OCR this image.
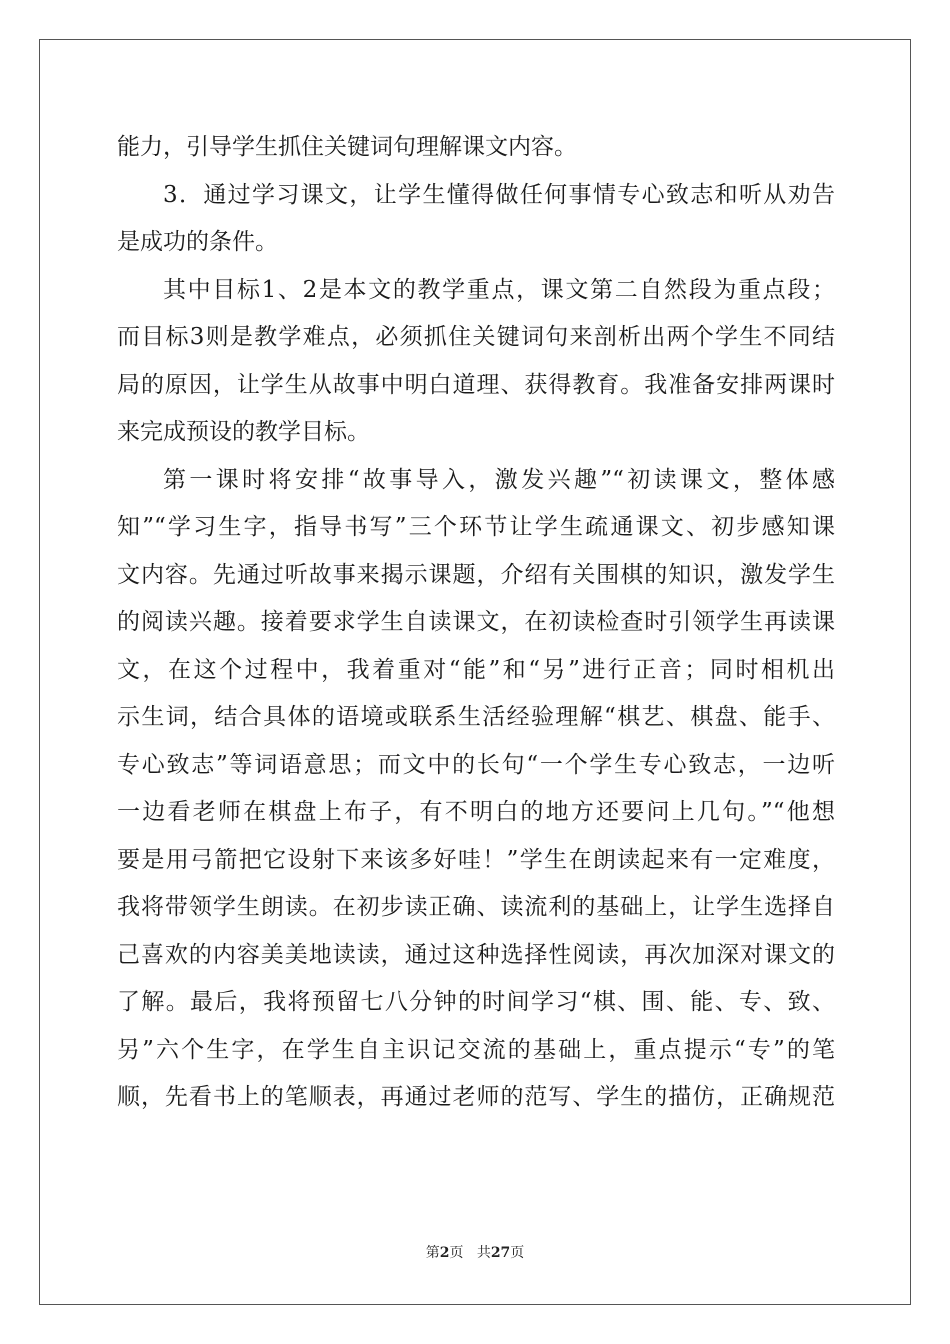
能力，引导学生抓住关键词句理解课文内容。
3．通过学习课文，让学生懂得做任何事情专心致志和听从劝告
是成功的条件。
其中目标1、2是本文的教学重点，课文第二自然段为重点段；
而目标3则是教学难点，必须抓住关键词句来剖析出两个学生不同结
局的原因，让学生从故事中明白道理、获得教育。我准备安排两课时
来完成预设的教学目标。
第一课时将安排“故事导入，激发兴趣”“初读课文，整体感
知”“学习生字，指导书写”三个环节让学生疏通课文、初步感知课
文内容。先通过听故事来揭示课题，介绍有关围棋的知识，激发学生
的阅读兴趣。接着要求学生自读课文，在初读检查时引领学生再读课
文，在这个过程中，我着重对“能”和“另”进行正音；同时相机出
示生词，结合具体的语境或联系生活经验理解“棋艺、棋盘、能手、
专心致志”等词语意思；而文中的长句“一个学生专心致志，一边听
一边看老师在棋盘上布子，有不明白的地方还要问上几句。”“他想
要是用弓箭把它设射下来该多好哇！”学生在朗读起来有一定难度，
我将带领学生朗读。在初步读正确、读流利的基础上，让学生选择自
己喜欢的内容美美地读读，通过这种选择性阅读，再次加深对课文的
了解。最后，我将预留七八分钟的时间学习“棋、围、能、专、致、
另”六个生字，在学生自主识记交流的基础上，重点提示“专”的笔
顺，先看书上的笔顺表，再通过老师的范写、学生的描仿，正确规范
第2页 共27页
